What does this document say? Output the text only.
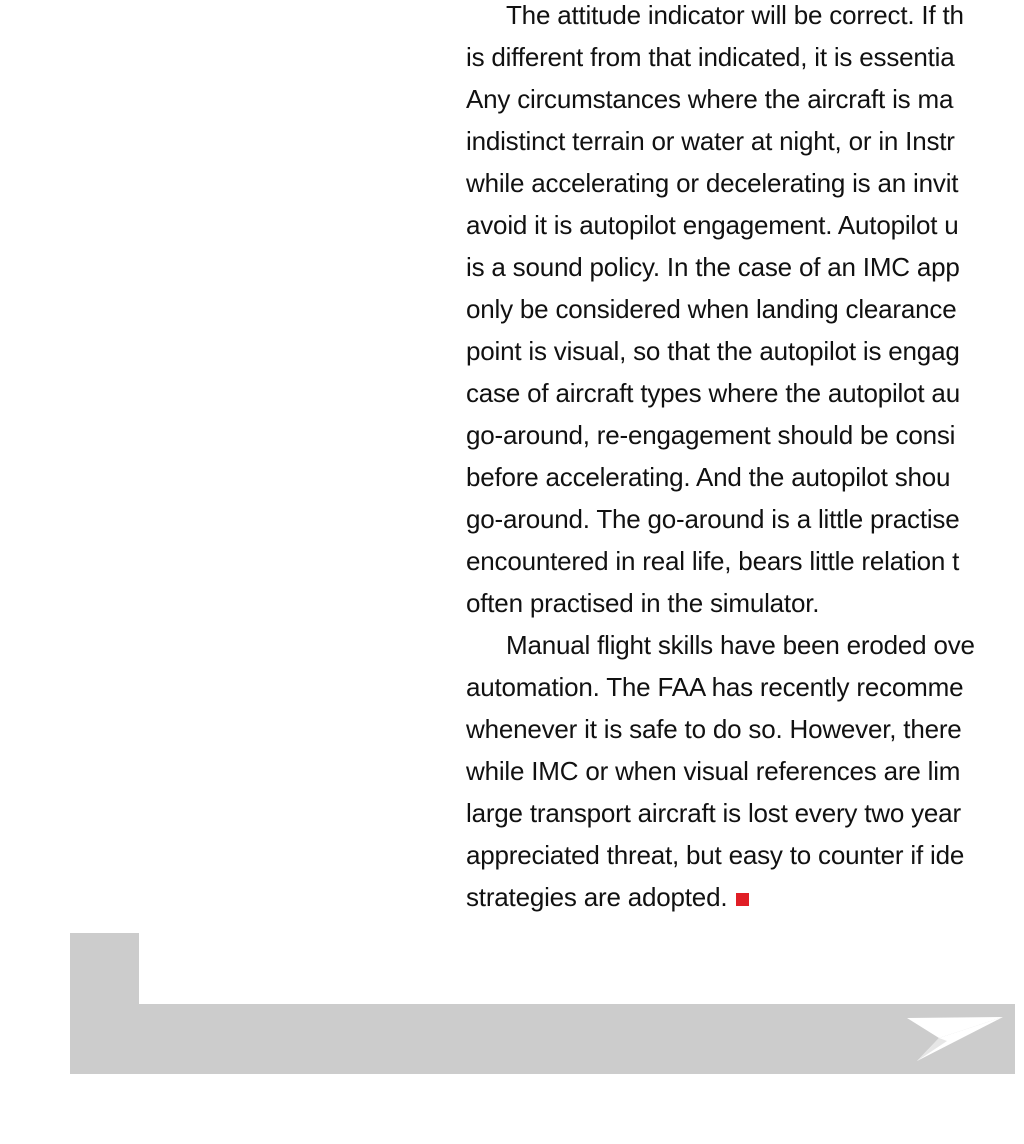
The attitude indicator will be correct. If th
is different from that indicated, it is essentia
Any circumstances where the aircraft is ma
indistinct terrain or water at night, or in Instr
while accelerating or decelerating is an invit
avoid it is autopilot engagement. Autopilot u
is a sound policy. In the case of an IMC app
only be considered when landing clearance
point is visual, so that the autopilot is engag
case of aircraft types where the autopilot au
go-around, re-engagement should be consi
before accelerating. And the autopilot shou
go-around. The go-around is a little practise
encountered in real life, bears little relation t
often practised in the simulator.
Manual flight skills have been eroded ove
automation. The FAA has recently recomme
whenever it is safe to do so. However, there
while IMC or when visual references are lim
large transport aircraft is lost every two year
appreciated threat, but easy to counter if ide
strategies are adopted.
